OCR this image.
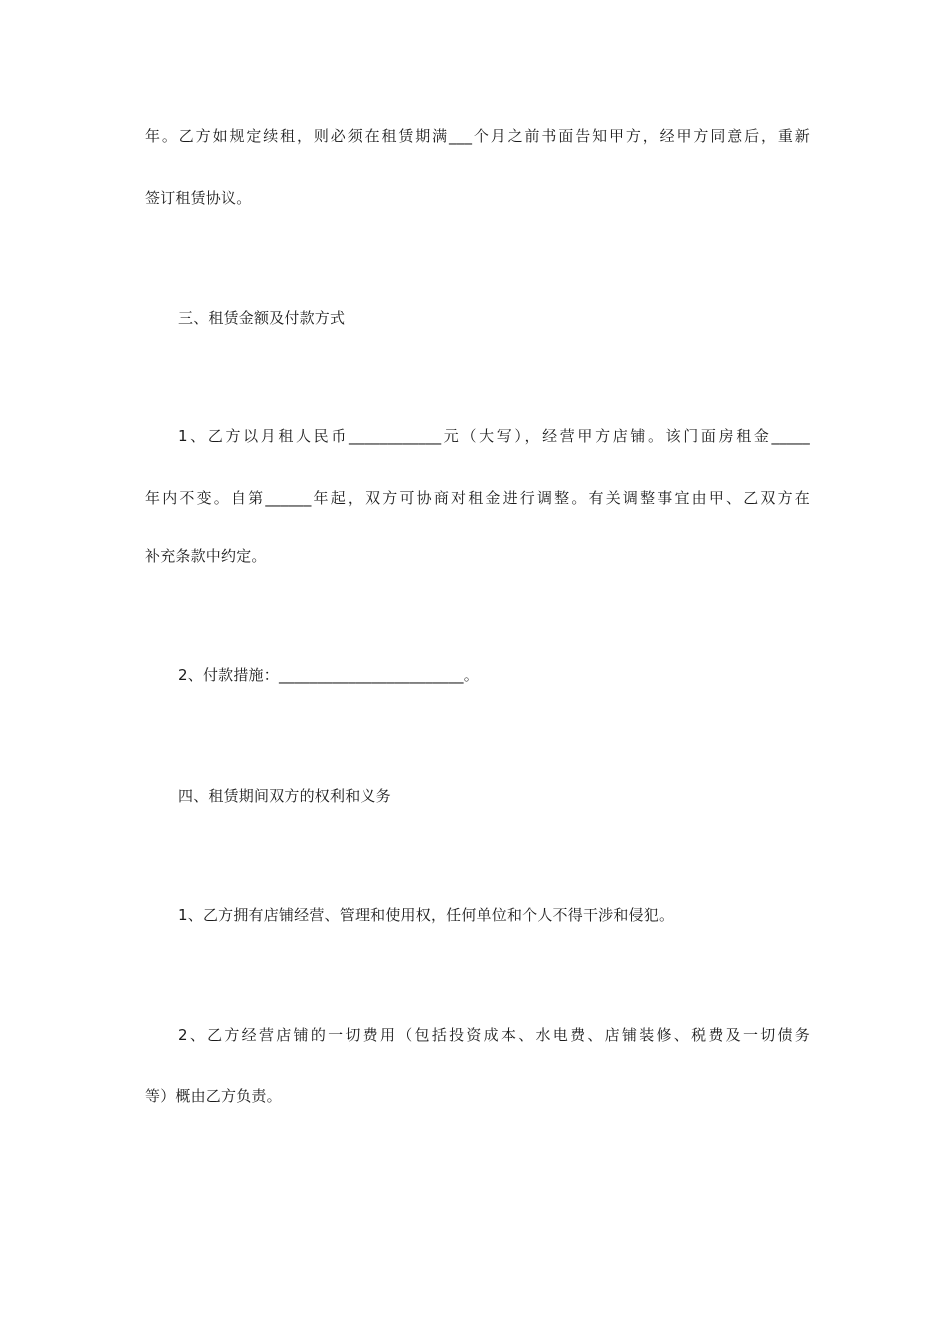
年。乙方如规定续租，则必须在租赁期满___个月之前书面告知甲方，经甲方同意后，重新
签订租赁协议。
三、租赁金额及付款方式
1、乙方以月租人民币____________元（大写），经营甲方店铺。该门面房租金_____
年内不变。自第______年起，双方可协商对租金进行调整。有关调整事宜由甲、乙双方在
补充条款中约定。
2、付款措施：________________________。
四、租赁期间双方的权利和义务
1、乙方拥有店铺经营、管理和使用权，任何单位和个人不得干涉和侵犯。
2、乙方经营店铺的一切费用（包括投资成本、水电费、店铺装修、税费及一切债务
等）概由乙方负责。
